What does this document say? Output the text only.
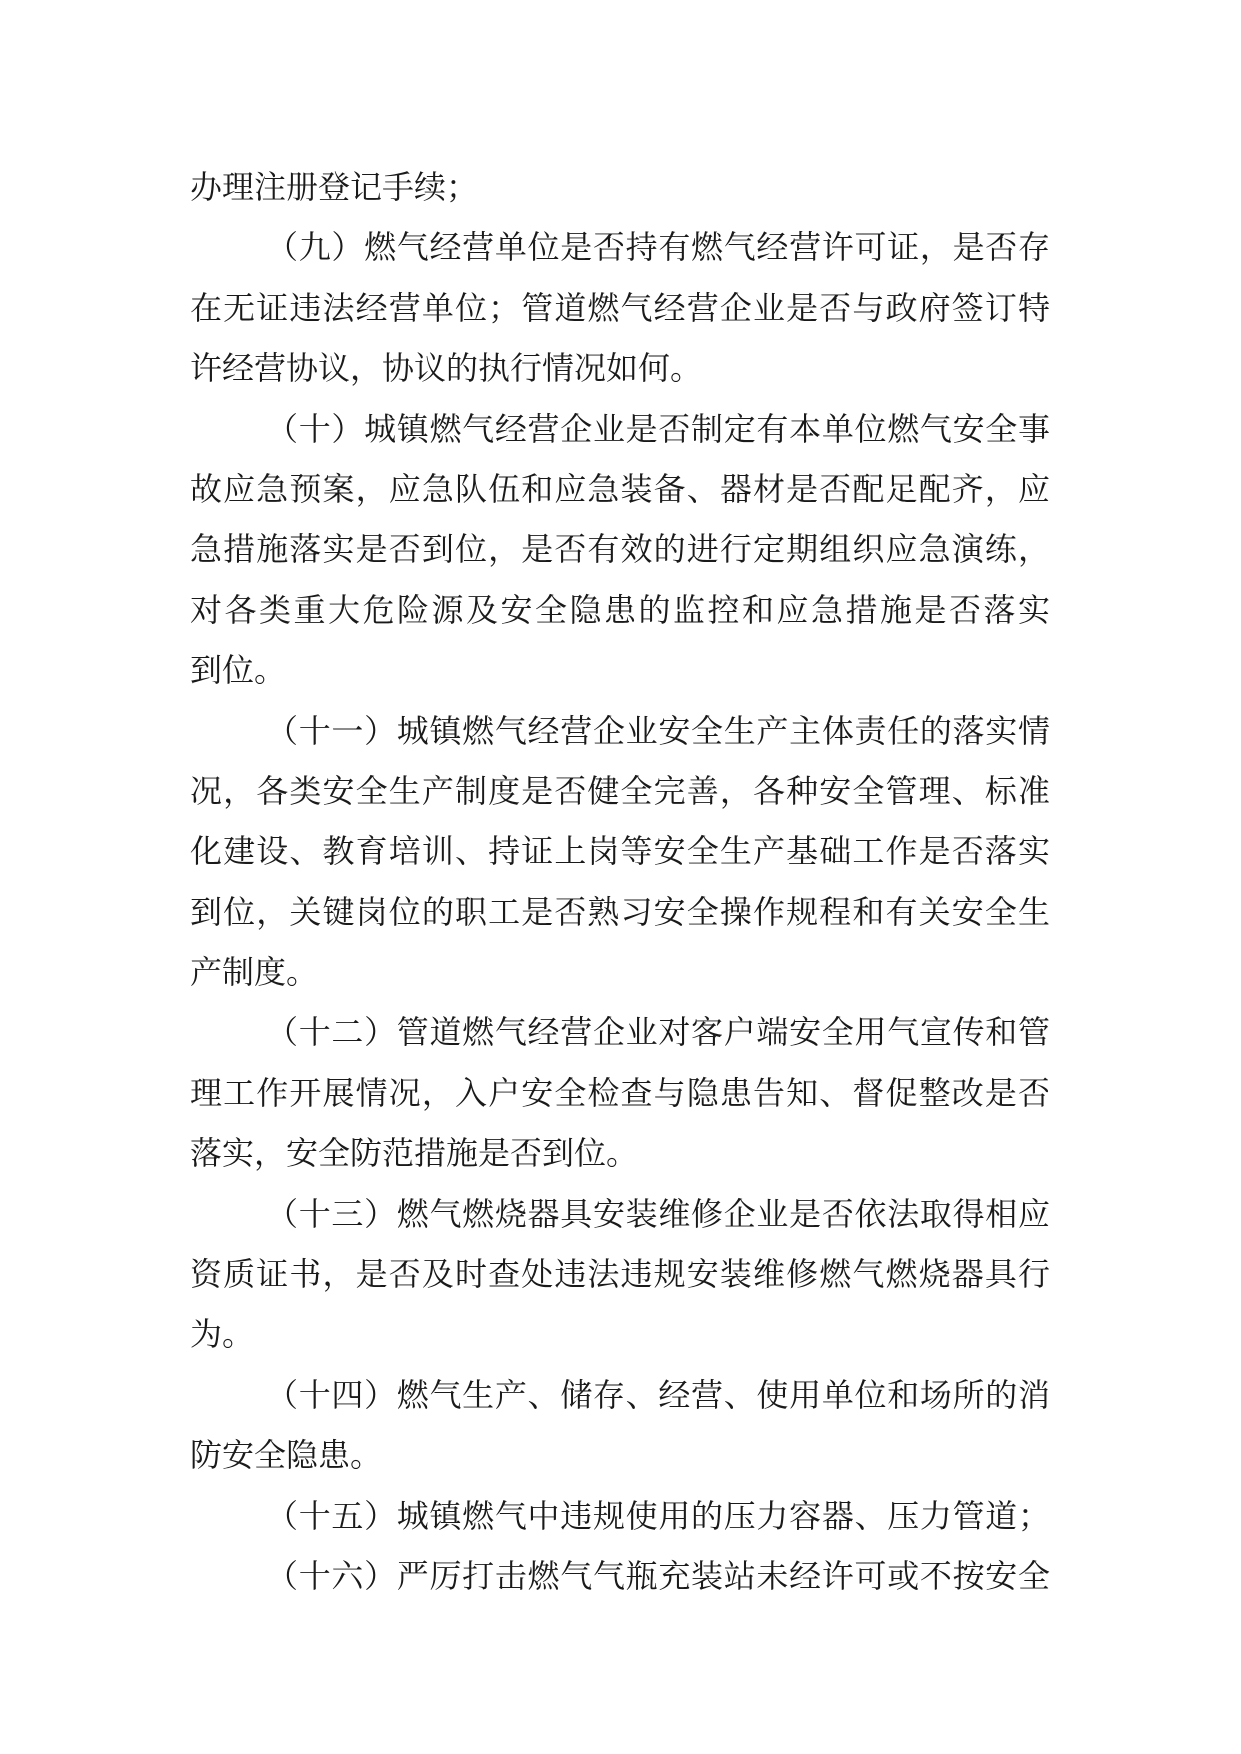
办理注册登记手续；
（九）燃气经营单位是否持有燃气经营许可证，是否存
在无证违法经营单位；管道燃气经营企业是否与政府签订特
许经营协议，协议的执行情况如何。
（十）城镇燃气经营企业是否制定有本单位燃气安全事
故应急预案，应急队伍和应急装备、器材是否配足配齐，应
急措施落实是否到位，是否有效的进行定期组织应急演练，
对各类重大危险源及安全隐患的监控和应急措施是否落实
到位。
（十一）城镇燃气经营企业安全生产主体责任的落实情
况，各类安全生产制度是否健全完善，各种安全管理、标准
化建设、教育培训、持证上岗等安全生产基础工作是否落实
到位，关键岗位的职工是否熟习安全操作规程和有关安全生
产制度。
（十二）管道燃气经营企业对客户端安全用气宣传和管
理工作开展情况，入户安全检查与隐患告知、督促整改是否
落实，安全防范措施是否到位。
（十三）燃气燃烧器具安装维修企业是否依法取得相应
资质证书，是否及时查处违法违规安装维修燃气燃烧器具行
为。
（十四）燃气生产、储存、经营、使用单位和场所的消
防安全隐患。
（十五）城镇燃气中违规使用的压力容器、压力管道；
（十六）严厉打击燃气气瓶充装站未经许可或不按安全
